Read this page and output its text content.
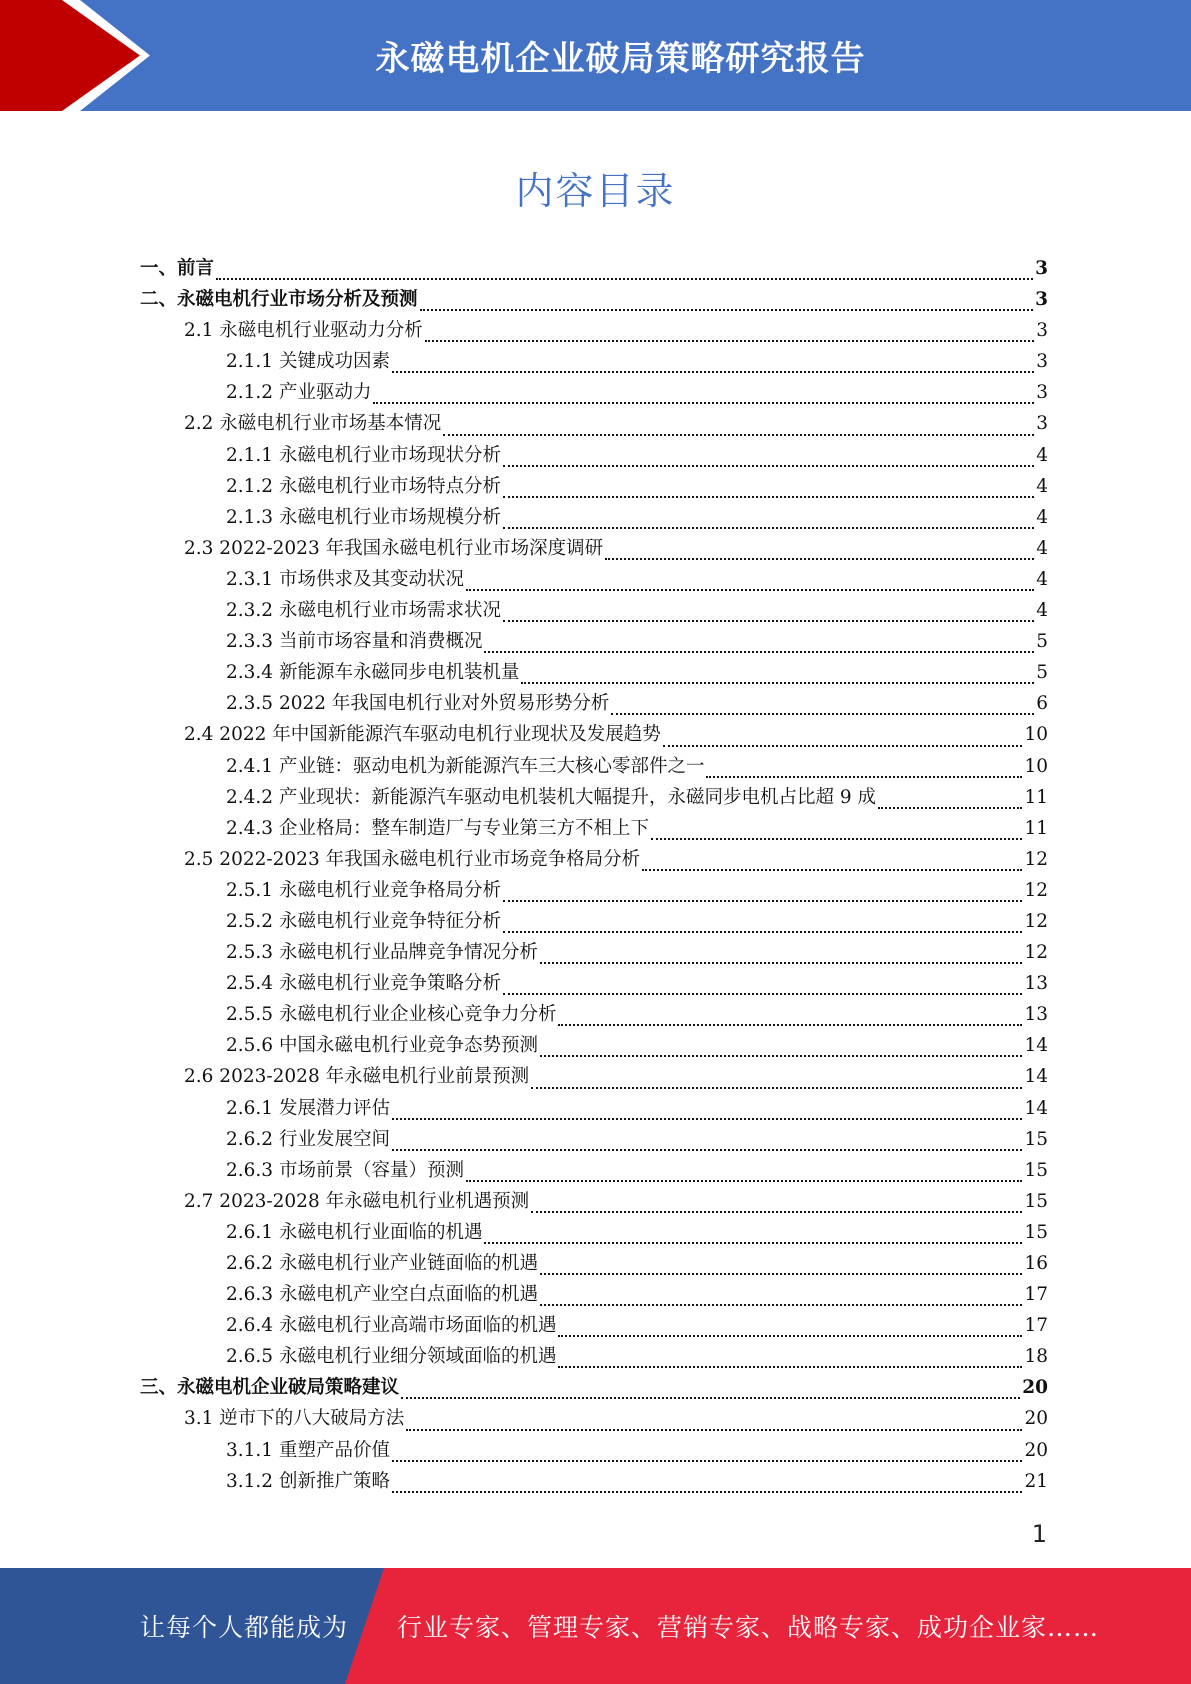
永磁电机企业破局策略研究报告
内容目录
一、前言	3
二、永磁电机行业市场分析及预测	3
2.1 永磁电机行业驱动力分析	3
2.1.1 关键成功因素	3
2.1.2 产业驱动力	3
2.2 永磁电机行业市场基本情况	3
2.1.1 永磁电机行业市场现状分析	4
2.1.2 永磁电机行业市场特点分析	4
2.1.3 永磁电机行业市场规模分析	4
2.3 2022-2023 年我国永磁电机行业市场深度调研	4
2.3.1 市场供求及其变动状况	4
2.3.2 永磁电机行业市场需求状况	4
2.3.3 当前市场容量和消费概况	5
2.3.4 新能源车永磁同步电机装机量	5
2.3.5 2022 年我国电机行业对外贸易形势分析	6
2.4 2022 年中国新能源汽车驱动电机行业现状及发展趋势	10
2.4.1 产业链：驱动电机为新能源汽车三大核心零部件之一	10
2.4.2 产业现状：新能源汽车驱动电机装机大幅提升，永磁同步电机占比超 9 成	11
2.4.3 企业格局：整车制造厂与专业第三方不相上下	11
2.5 2022-2023 年我国永磁电机行业市场竞争格局分析	12
2.5.1 永磁电机行业竞争格局分析	12
2.5.2 永磁电机行业竞争特征分析	12
2.5.3 永磁电机行业品牌竞争情况分析	12
2.5.4 永磁电机行业竞争策略分析	13
2.5.5 永磁电机行业企业核心竞争力分析	13
2.5.6 中国永磁电机行业竞争态势预测	14
2.6 2023-2028 年永磁电机行业前景预测	14
2.6.1 发展潜力评估	14
2.6.2 行业发展空间	15
2.6.3 市场前景（容量）预测	15
2.7 2023-2028 年永磁电机行业机遇预测	15
2.6.1 永磁电机行业面临的机遇	15
2.6.2 永磁电机行业产业链面临的机遇	16
2.6.3 永磁电机产业空白点面临的机遇	17
2.6.4 永磁电机行业高端市场面临的机遇	17
2.6.5 永磁电机行业细分领域面临的机遇	18
三、永磁电机企业破局策略建议	20
3.1 逆市下的八大破局方法	20
3.1.1 重塑产品价值	20
3.1.2 创新推广策略	21
1
让每个人都能成为 行业专家、管理专家、营销专家、战略专家、成功企业家……
